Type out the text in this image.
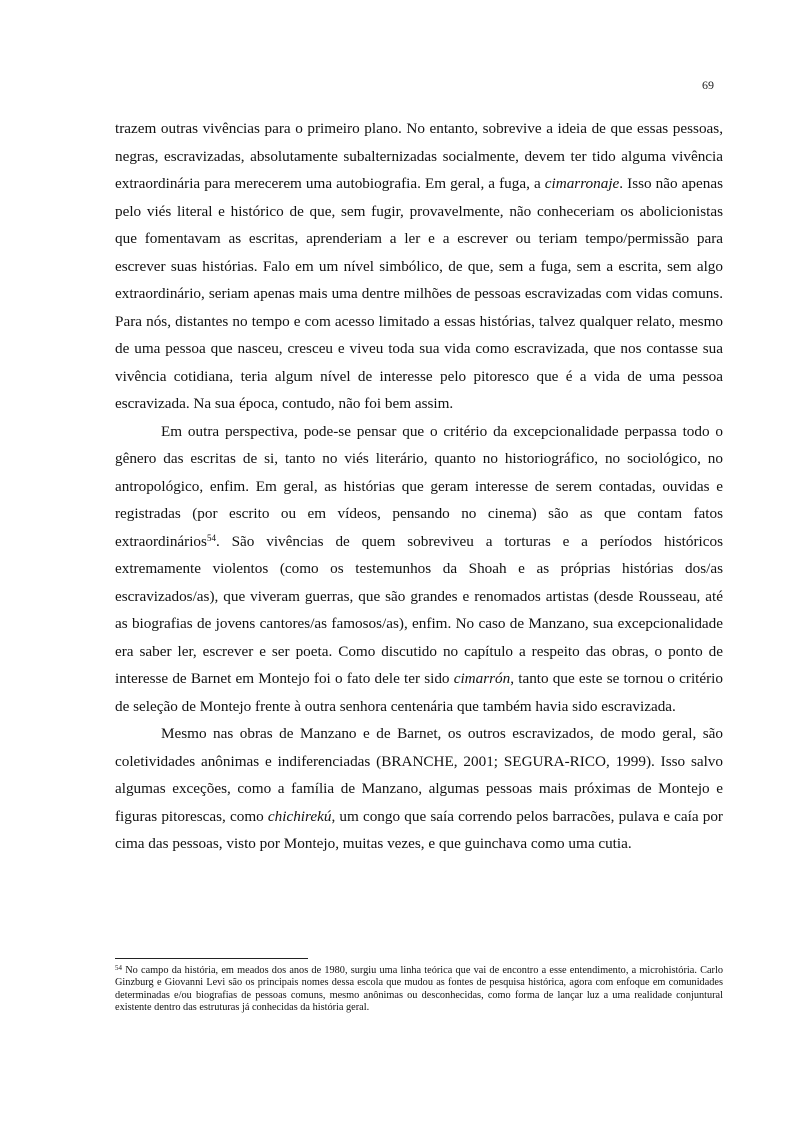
69

trazem outras vivências para o primeiro plano. No entanto, sobrevive a ideia de que essas pessoas, negras, escravizadas, absolutamente subalternizadas socialmente, devem ter tido alguma vivência extraordinária para merecerem uma autobiografia. Em geral, a fuga, a cimarronaje. Isso não apenas pelo viés literal e histórico de que, sem fugir, provavelmente, não conheceriam os abolicionistas que fomentavam as escritas, aprenderiam a ler e a escrever ou teriam tempo/permissão para escrever suas histórias. Falo em um nível simbólico, de que, sem a fuga, sem a escrita, sem algo extraordinário, seriam apenas mais uma dentre milhões de pessoas escravizadas com vidas comuns. Para nós, distantes no tempo e com acesso limitado a essas histórias, talvez qualquer relato, mesmo de uma pessoa que nasceu, cresceu e viveu toda sua vida como escravizada, que nos contasse sua vivência cotidiana, teria algum nível de interesse pelo pitoresco que é a vida de uma pessoa escravizada. Na sua época, contudo, não foi bem assim.

Em outra perspectiva, pode-se pensar que o critério da excepcionalidade perpassa todo o gênero das escritas de si, tanto no viés literário, quanto no historiográfico, no sociológico, no antropológico, enfim. Em geral, as histórias que geram interesse de serem contadas, ouvidas e registradas (por escrito ou em vídeos, pensando no cinema) são as que contam fatos extraordinários$^{54}$. São vivências de quem sobreviveu a torturas e a períodos históricos extremamente violentos (como os testemunhos da Shoah e as próprias histórias dos/as escravizados/as), que viveram guerras, que são grandes e renomados artistas (desde Rousseau, até as biografias de jovens cantores/as famosos/as), enfim. No caso de Manzano, sua excepcionalidade era saber ler, escrever e ser poeta. Como discutido no capítulo a respeito das obras, o ponto de interesse de Barnet em Montejo foi o fato dele ter sido cimarrón, tanto que este se tornou o critério de seleção de Montejo frente à outra senhora centenária que também havia sido escravizada.

Mesmo nas obras de Manzano e de Barnet, os outros escravizados, de modo geral, são coletividades anônimas e indiferenciadas (BRANCHE, 2001; SEGURA-RICO, 1999). Isso salvo algumas exceções, como a família de Manzano, algumas pessoas mais próximas de Montejo e figuras pitorescas, como chichirekú, um congo que saía correndo pelos barracões, pulava e caía por cima das pessoas, visto por Montejo, muitas vezes, e que guinchava como uma cutia.

$^{54}$ No campo da história, em meados dos anos de 1980, surgiu uma linha teórica que vai de encontro a esse entendimento, a microhistória. Carlo Ginzburg e Giovanni Levi são os principais nomes dessa escola que mudou as fontes de pesquisa histórica, agora com enfoque em comunidades determinadas e/ou biografias de pessoas comuns, mesmo anônimas ou desconhecidas, como forma de lançar luz a uma realidade conjuntural existente dentro das estruturas já conhecidas da história geral.
